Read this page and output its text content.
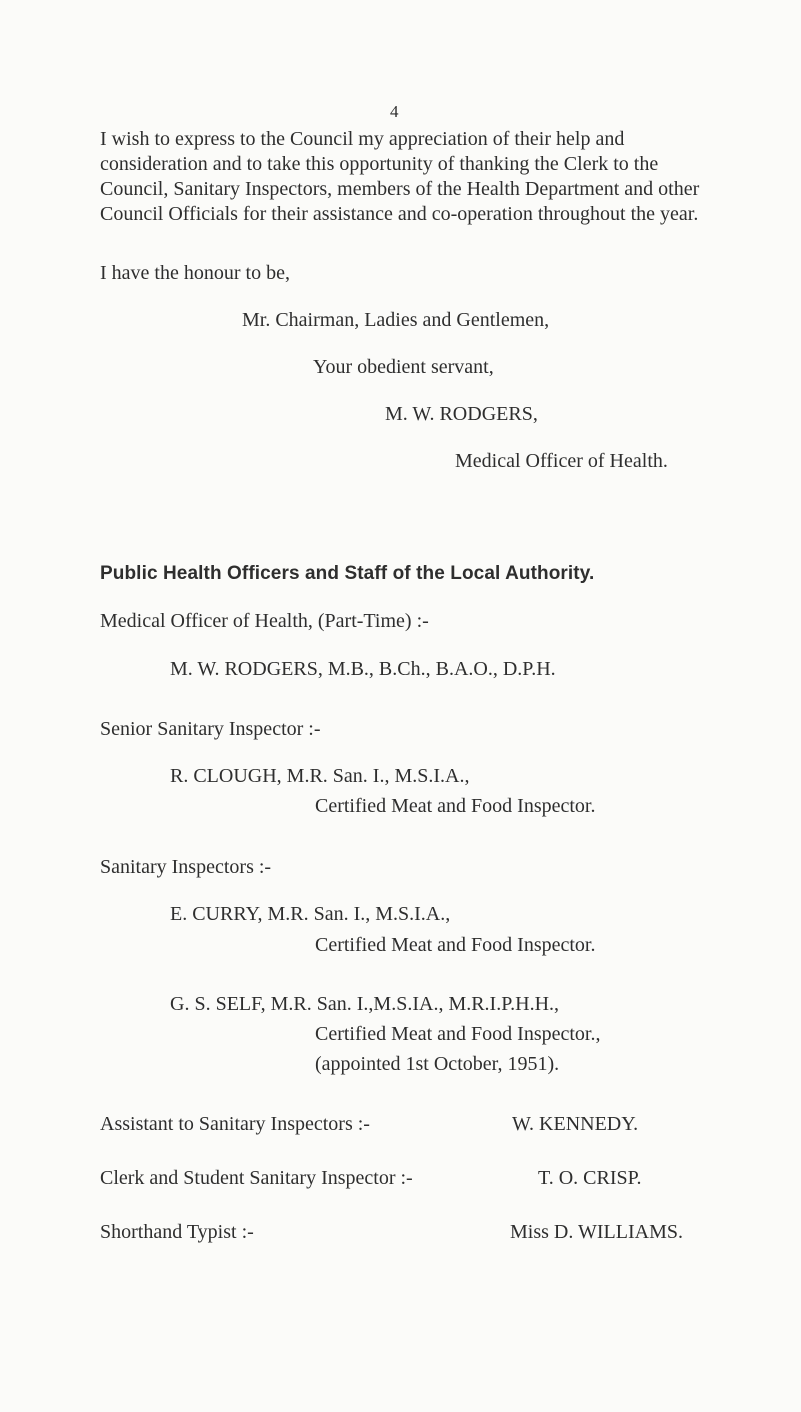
4
I wish to express to the Council my appreciation of their help and consideration and to take this opportunity of thanking the Clerk to the Council, Sanitary Inspectors, members of the Health Department and other Council Officials for their assistance and co-operation throughout the year.
I have the honour to be,
Mr. Chairman, Ladies and Gentlemen,
Your obedient servant,
M. W. RODGERS,
Medical Officer of Health.
Public Health Officers and Staff of the Local Authority.
Medical Officer of Health, (Part-Time) :-
M. W. RODGERS, M.B., B.Ch., B.A.O., D.P.H.
Senior Sanitary Inspector :-
R. CLOUGH, M.R. San. I., M.S.I.A.,
Certified Meat and Food Inspector.
Sanitary Inspectors :-
E. CURRY, M.R. San. I., M.S.I.A.,
Certified Meat and Food Inspector.
G. S. SELF, M.R. San. I.,M.S.IA., M.R.I.P.H.H.,
Certified Meat and Food Inspector.,
(appointed 1st October, 1951).
Assistant to Sanitary Inspectors :-	W. KENNEDY.
Clerk and Student Sanitary Inspector :-	T. O. CRISP.
Shorthand Typist :-	Miss D. WILLIAMS.
